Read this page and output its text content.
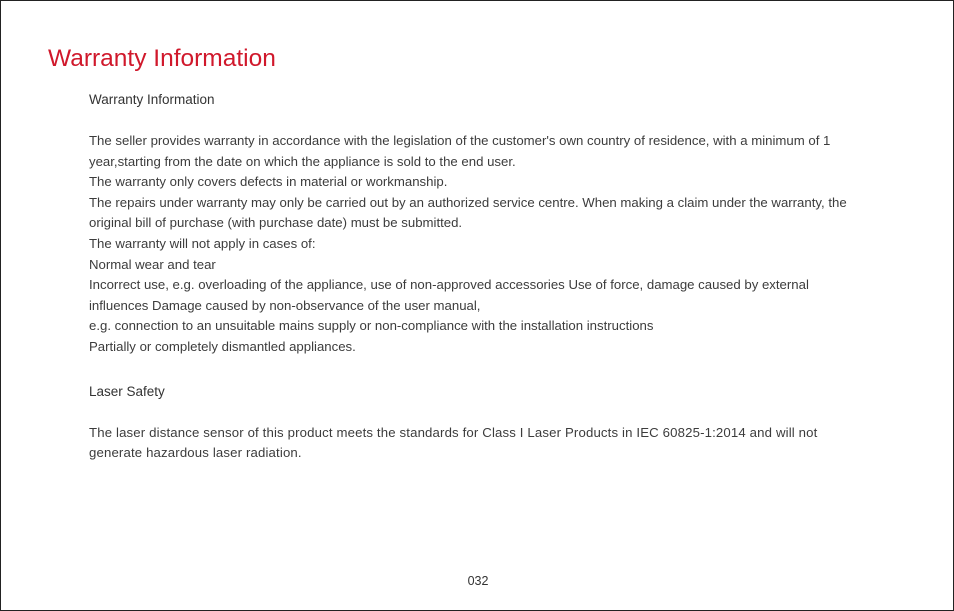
Warranty Information
Warranty Information

The seller provides warranty in accordance with the legislation of the customer's own country of residence, with a minimum of 1 year,starting from the date on which the appliance is sold to the end user.

The warranty only covers defects in material or workmanship.

The repairs under warranty may only be carried out by an authorized service centre. When making a claim under the warranty, the original bill of purchase (with purchase date) must be submitted.

The warranty will not apply in cases of:

Normal wear and tear

Incorrect use, e.g. overloading of the appliance, use of non-approved accessories Use of force, damage caused by external influences Damage caused by non-observance of the user manual,

e.g. connection to an unsuitable mains supply or non-compliance with the installation instructions

Partially or completely dismantled appliances.

Laser Safety

The laser distance sensor of this product meets the standards for Class I Laser Products in IEC 60825-1:2014 and will not generate hazardous laser radiation.

032
